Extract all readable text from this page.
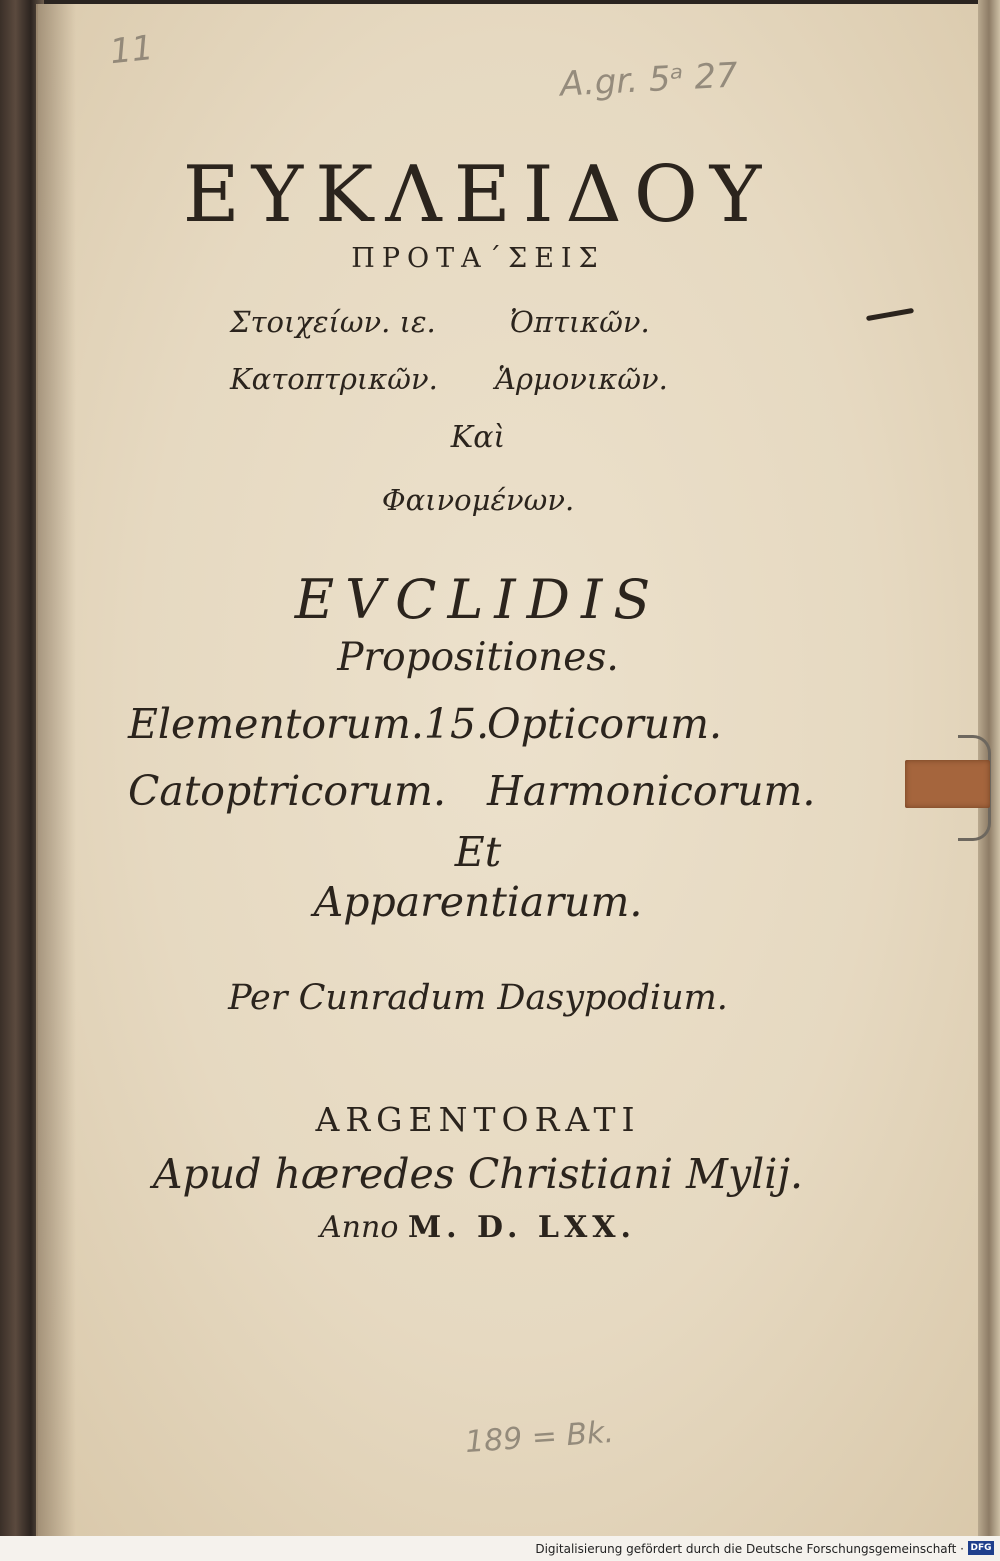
11
A.gr. 5ᵃ 27
189 = Bk.
ΕΥΚΛΕΙΔΟΥ
ΠΡΟΤΑ΄ΣΕΙΣ
Στοιχείων. ιε.	Ὀπτικῶν.
Κατοπτρικῶν.	Ἁρμονικῶν.
Καὶ
Φαινομένων.
EVCLIDIS
Propositiones.
Elementorum.15.
Opticorum.
Catoptricorum. Harmonicorum.
Et
Apparentiarum.
Per Cunradum Dasypodium.
ARGENTORATI
Apud hæredes Christiani Mylij.
Anno M. D. LXX.
Digitalisierung gefördert durch die Deutsche Forschungsgemeinschaft · DFG
